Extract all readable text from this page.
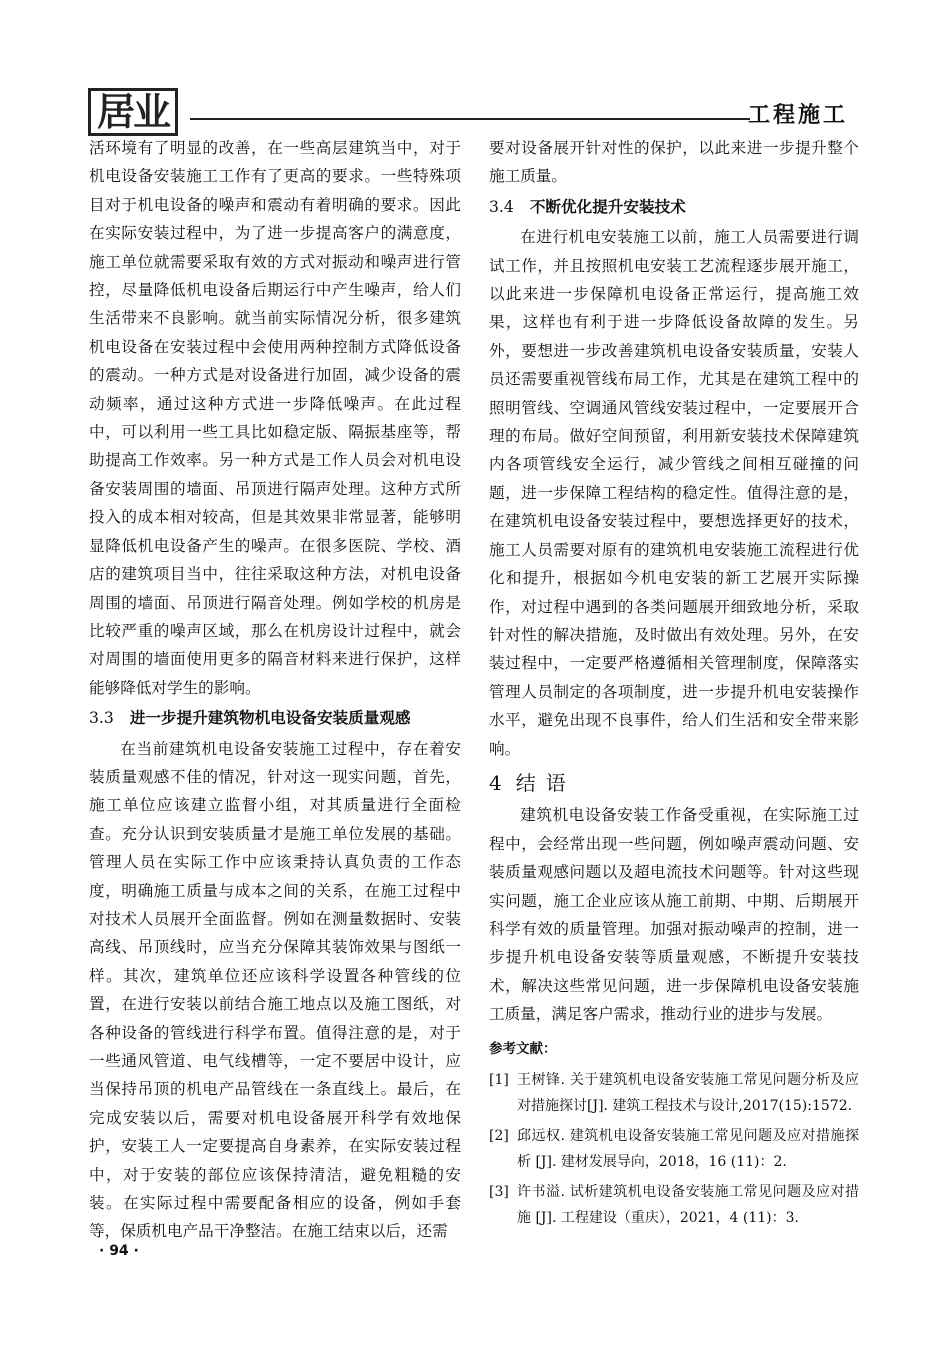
居业	工程施工

活环境有了明显的改善，在一些高层建筑当中，对于机电设备安装施工工作有了更高的要求。一些特殊项目对于机电设备的噪声和震动有着明确的要求。因此在实际安装过程中，为了进一步提高客户的满意度，施工单位就需要采取有效的方式对振动和噪声进行管控，尽量降低机电设备后期运行中产生噪声，给人们生活带来不良影响。就当前实际情况分析，很多建筑机电设备在安装过程中会使用两种控制方式降低设备的震动。一种方式是对设备进行加固，减少设备的震动频率，通过这种方式进一步降低噪声。在此过程中，可以利用一些工具比如稳定版、隔振基座等，帮助提高工作效率。另一种方式是工作人员会对机电设备安装周围的墙面、吊顶进行隔声处理。这种方式所投入的成本相对较高，但是其效果非常显著，能够明显降低机电设备产生的噪声。在很多医院、学校、酒店的建筑项目当中，往往采取这种方法，对机电设备周围的墙面、吊顶进行隔音处理。例如学校的机房是比较严重的噪声区域，那么在机房设计过程中，就会对周围的墙面使用更多的隔音材料来进行保护，这样能够降低对学生的影响。

3.3 进一步提升建筑物机电设备安装质量观感

在当前建筑机电设备安装施工过程中，存在着安装质量观感不佳的情况，针对这一现实问题，首先，施工单位应该建立监督小组，对其质量进行全面检查。充分认识到安装质量才是施工单位发展的基础。管理人员在实际工作中应该秉持认真负责的工作态度，明确施工质量与成本之间的关系，在施工过程中对技术人员展开全面监督。例如在测量数据时、安装高线、吊顶线时，应当充分保障其装饰效果与图纸一样。其次，建筑单位还应该科学设置各种管线的位置，在进行安装以前结合施工地点以及施工图纸，对各种设备的管线进行科学布置。值得注意的是，对于一些通风管道、电气线槽等，一定不要居中设计，应当保持吊顶的机电产品管线在一条直线上。最后，在完成安装以后，需要对机电设备展开科学有效地保护，安装工人一定要提高自身素养，在实际安装过程中，对于安装的部位应该保持清洁，避免粗糙的安装。在实际过程中需要配备相应的设备，例如手套等，保质机电产品干净整洁。在施工结束以后，还需

要对设备展开针对性的保护，以此来进一步提升整个施工质量。

3.4 不断优化提升安装技术

在进行机电安装施工以前，施工人员需要进行调试工作，并且按照机电安装工艺流程逐步展开施工，以此来进一步保障机电设备正常运行，提高施工效果，这样也有利于进一步降低设备故障的发生。另外，要想进一步改善建筑机电设备安装质量，安装人员还需要重视管线布局工作，尤其是在建筑工程中的照明管线、空调通风管线安装过程中，一定要展开合理的布局。做好空间预留，利用新安装技术保障建筑内各项管线安全运行，减少管线之间相互碰撞的问题，进一步保障工程结构的稳定性。值得注意的是，在建筑机电设备安装过程中，要想选择更好的技术，施工人员需要对原有的建筑机电安装施工流程进行优化和提升，根据如今机电安装的新工艺展开实际操作，对过程中遇到的各类问题展开细致地分析，采取针对性的解决措施，及时做出有效处理。另外，在安装过程中，一定要严格遵循相关管理制度，保障落实管理人员制定的各项制度，进一步提升机电安装操作水平，避免出现不良事件，给人们生活和安全带来影响。

4 结语

建筑机电设备安装工作备受重视，在实际施工过程中，会经常出现一些问题，例如噪声震动问题、安装质量观感问题以及超电流技术问题等。针对这些现实问题，施工企业应该从施工前期、中期、后期展开科学有效的质量管理。加强对振动噪声的控制，进一步提升机电设备安装等质量观感，不断提升安装技术，解决这些常见问题，进一步保障机电设备安装施工质量，满足客户需求，推动行业的进步与发展。

参考文献：
[1] 王树锋. 关于建筑机电设备安装施工常见问题分析及应对措施探讨[J]. 建筑工程技术与设计,2017(15):1572.
[2] 邱远权. 建筑机电设备安装施工常见问题及应对措施探析 [J]. 建材发展导向，2018，16 (11)：2.
[3] 许书溢. 试析建筑机电设备安装施工常见问题及应对措施 [J]. 工程建设（重庆），2021，4 (11)：3.
· 94 ·
